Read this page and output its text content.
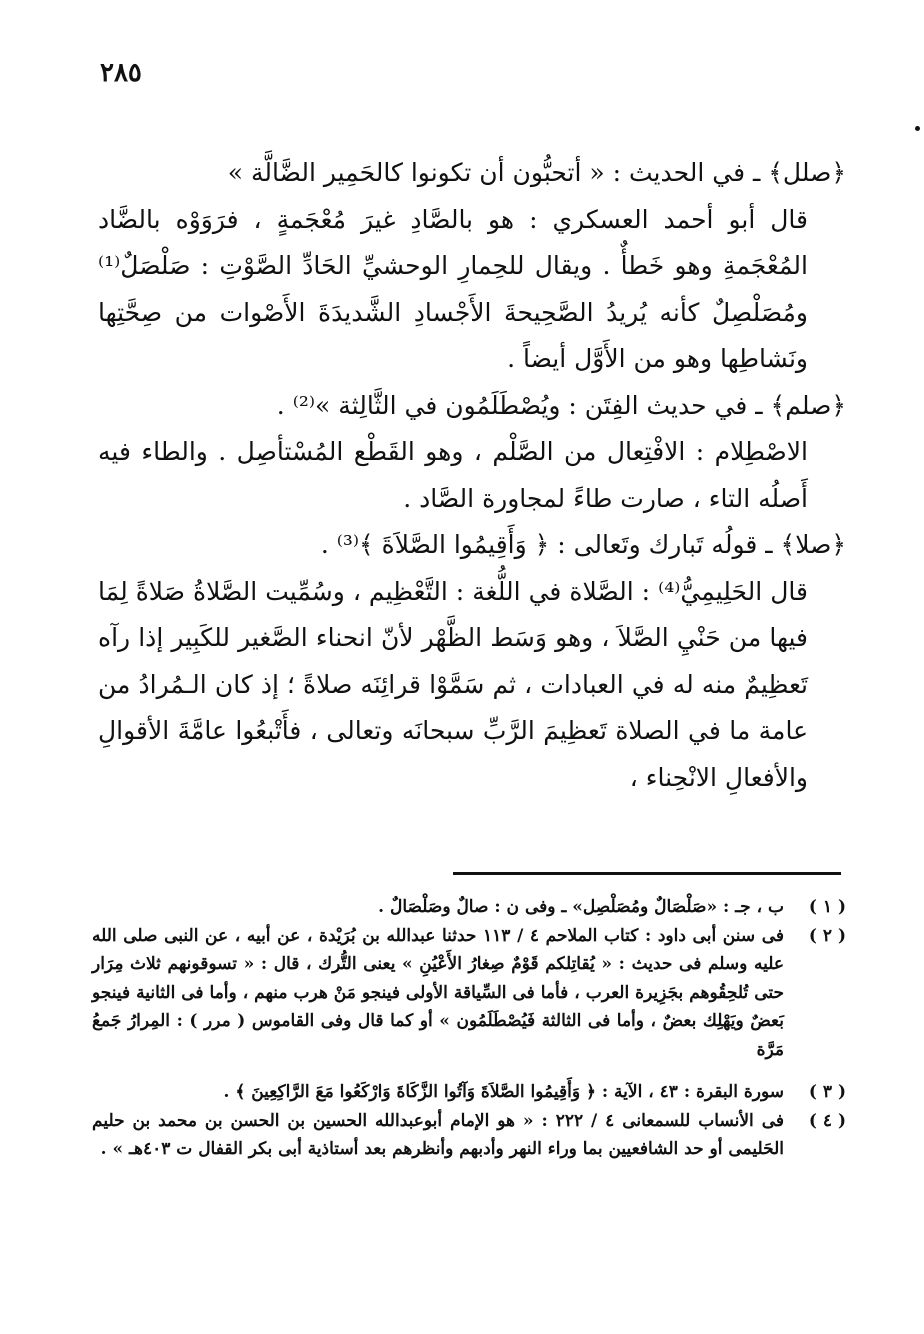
٢٨٥

﴿صلل﴾ ـ في الحديث : « أتحبُّون أن تكونوا كالحَمِير الضَّالَّة »

قال أبو أحمد العسكري : هو بالصَّادِ غيرَ مُعْجَمةٍ ، فرَوَوْه بالضَّاد المُعْجَمةِ وهو خَطأٌ . ويقال للحِمارِ الوحشيِّ الحَادِّ الصَّوْتِ : صَلْصَلٌ⁽¹⁾ ومُصَلْصِلٌ كأنه يُريدُ الصَّحِيحةَ الأَجْسادِ الشَّديدَةَ الأَصْوات من صِحَّتِها ونَشاطِها وهو من الأَوَّل أيضاً .

﴿صلم﴾ ـ في حديث الفِتَن : ويُصْطَلَمُون في الثَّالِثة »⁽²⁾ .

الاصْطِلام : الافْتِعال من الصَّلْم ، وهو القَطْع المُسْتأصِل . والطاء فيه أَصلُه التاء ، صارت طاءً لمجاورة الصَّاد .

﴿صلا﴾ ـ قولُه تَبارك وتَعالى : ﴿ وَأَقِيمُوا الصَّلاَةَ ﴾⁽³⁾ .

قال الحَلِيمِيُّ⁽⁴⁾ : الصَّلاة في اللُّغة : التَّعْظِيم ، وسُمِّيت الصَّلاةُ صَلاةً لِمَا فيها من حَنْيِ الصَّلاَ ، وهو وَسَط الظَّهْر لأنّ انحناء الصَّغير للكَبِير إذا رآه تَعظِيمٌ منه له في العبادات ، ثم سَمَّوْا قرائِنَه صلاةً ؛ إذ كان الـمُرادُ من عامة ما في الصلاة تَعظِيمَ الرَّبِّ سبحانَه وتعالى ، فأَتْبعُوا عامَّةَ الأقوالِ والأفعالِ الانْحِناء ،

( ١ )
ب ، جـ : «صَلْصَالٌ ومُصَلْصِل» ـ وفى ن : صالٌ وصَلْصَالٌ .
( ٢ )
فى سنن أبى داود : كتاب الملاحم ٤ / ١١٣ حدثنا عبدالله بن بُرَيْدة ، عن أبيه ، عن النبى صلى الله عليه وسلم فى حديث : « يُقاتِلكم قَوْمٌ صِغارُ الأَعْيُنِ » يعنى التُّرك ، قال : « تسوقونهم ثلاث مِرَار حتى تُلحِقُوهم بجَزِيرة العرب ، فأما فى السِّياقة الأولى فينجو مَنْ هرب منهم ، وأما فى الثانية فينجو بَعضٌ ويَهْلِك بعضٌ ، وأما فى الثالثة فَيُصْطَلَمُون » أو كما قال وفى القاموس ( مرر ) : المِرارُ جَمعُ مَرَّة
( ٣ )
سورة البقرة : ٤٣ ، الآية : ﴿ وَأَقِيمُوا الصَّلاَةَ وَآتُوا الزَّكَاةَ وَارْكَعُوا مَعَ الرَّاكِعِينَ ﴾ .
( ٤ )
فى الأنساب للسمعانى ٤ / ٢٢٢ : « هو الإمام أبوعبدالله الحسين بن الحسن بن محمد بن حليم الحَليمى أو حد الشافعيين بما وراء النهر وأدبهم وأنظرهم بعد أستاذية أبى بكر القفال ت ٤٠٣هـ » .
